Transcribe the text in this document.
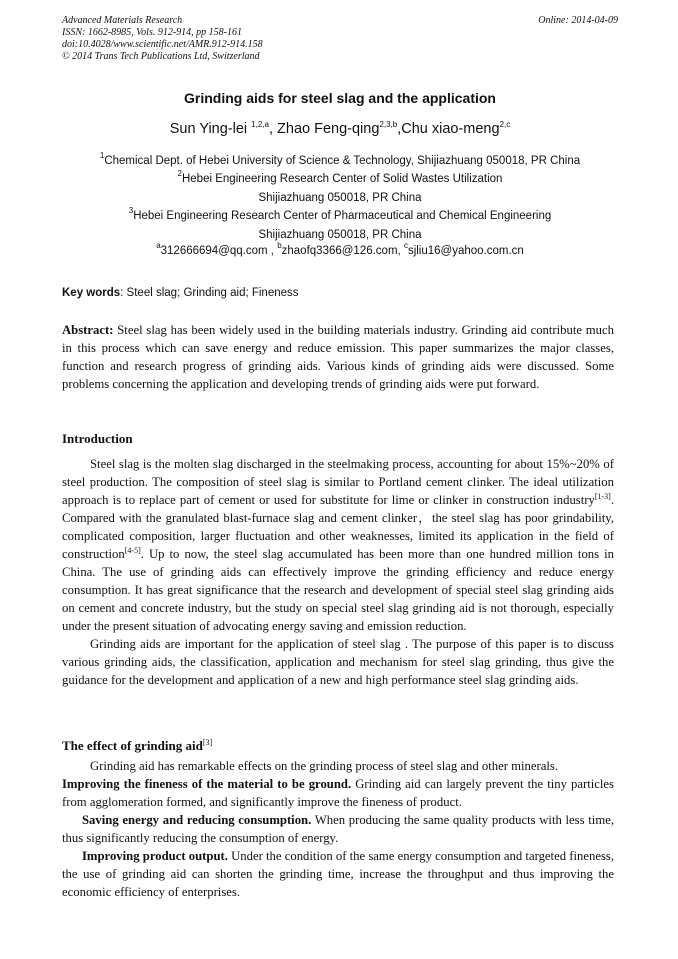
Advanced Materials Research
ISSN: 1662-8985, Vols. 912-914, pp 158-161
doi:10.4028/www.scientific.net/AMR.912-914.158
© 2014 Trans Tech Publications Ltd, Switzerland
Online: 2014-04-09
Grinding aids for steel slag and the application
Sun Ying-lei $^{1,2,a}$, Zhao Feng-qing$^{2,3,b}$,Chu xiao-meng$^{2,c}$
$^1$Chemical Dept. of Hebei University of Science & Technology, Shijiazhuang 050018, PR China
$^2$Hebei Engineering Research Center of Solid Wastes Utilization
Shijiazhuang 050018, PR China
$^3$Hebei Engineering Research Center of Pharmaceutical and Chemical Engineering
Shijiazhuang 050018, PR China
$^a$312666694@qq.com , $^b$zhaofq3366@126.com, $^c$sjliu16@yahoo.com.cn
Key words: Steel slag; Grinding aid; Fineness

Abstract: Steel slag has been widely used in the building materials industry. Grinding aid contribute much in this process which can save energy and reduce emission. This paper summarizes the major classes, function and research progress of grinding aids. Various kinds of grinding aids were discussed. Some problems concerning the application and developing trends of grinding aids were put forward.

Introduction

Steel slag is the molten slag discharged in the steelmaking process, accounting for about 15%~20% of steel production. The composition of steel slag is similar to Portland cement clinker. The ideal utilization approach is to replace part of cement or used for substitute for lime or clinker in construction industry[1-3]. Compared with the granulated blast-furnace slag and cement clinker，the steel slag has poor grindability, complicated composition, larger fluctuation and other weaknesses, limited its application in the field of construction[4-5]. Up to now, the steel slag accumulated has been more than one hundred million tons in China. The use of grinding aids can effectively improve the grinding efficiency and reduce energy consumption. It has great significance that the research and development of special steel slag grinding aids on cement and concrete industry, but the study on special steel slag grinding aid is not thorough, especially under the present situation of advocating energy saving and emission reduction.

Grinding aids are important for the application of steel slag . The purpose of this paper is to discuss various grinding aids, the classification, application and mechanism for steel slag grinding, thus give the guidance for the development and application of a new and high performance steel slag grinding aids.

The effect of grinding aid[3]

Grinding aid has remarkable effects on the grinding process of steel slag and other minerals.

Improving the fineness of the material to be ground. Grinding aid can largely prevent the tiny particles from agglomeration formed, and significantly improve the fineness of product.

Saving energy and reducing consumption. When producing the same quality products with less time, thus significantly reducing the consumption of energy.

Improving product output. Under the condition of the same energy consumption and targeted fineness, the use of grinding aid can shorten the grinding time, increase the throughput and thus improving the economic efficiency of enterprises.
